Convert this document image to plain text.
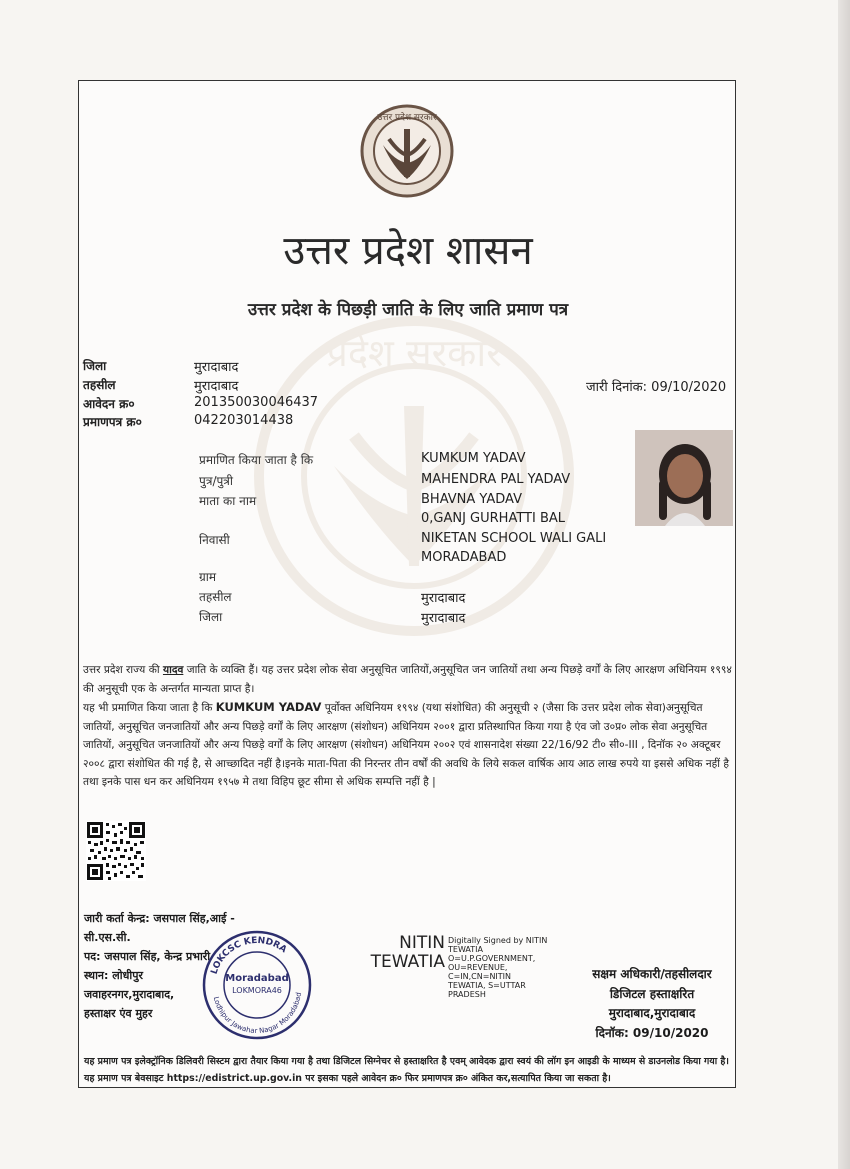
प्रदेश सरकार
उत्तर प्रदेश सरकार
उत्तर प्रदेश शासन
उत्तर प्रदेश के पिछड़ी जाति के लिए जाति प्रमाण पत्र
जिला	मुरादाबाद
तहसील	मुरादाबाद
आवेदन क्र०	201350030046437
प्रमाणपत्र क्र०	042203014438
जारी दिनांक: 09/10/2020
प्रमाणित किया जाता है कि	KUMKUM YADAV
पुत्र/पुत्री	MAHENDRA PAL YADAV
माता का नाम	BHAVNA YADAV
0,GANJ GURHATTI BAL
निवासी	NIKETAN SCHOOL WALI GALI
MORADABAD
ग्राम
तहसील	मुरादाबाद
जिला	मुरादाबाद
उत्तर प्रदेश राज्य की यादव जाति के व्यक्ति हैं। यह उत्तर प्रदेश लोक सेवा अनुसूचित जातियों,अनुसूचित जन जातियों तथा अन्य पिछड़े वर्गों के लिए आरक्षण अधिनियम १९९४ की अनुसूची एक के अन्तर्गत मान्यता प्राप्त है।
यह भी प्रमाणित किया जाता है कि KUMKUM YADAV पूर्वोक्त अधिनियम १९९४ (यथा संशोधित) की अनुसूची २ (जैसा कि उत्तर प्रदेश लोक सेवा)अनुसूचित जातियों, अनुसूचित जनजातियों और अन्य पिछड़े वर्गों के लिए आरक्षण (संशोधन) अधिनियम २००१ द्वारा प्रतिस्थापित किया गया है एंव जो उ०प्र० लोक सेवा अनुसूचित जातियों, अनुसूचित जनजातियों और अन्य पिछड़े वर्गों के लिए आरक्षण (संशोधन) अधिनियम २००२ एवं शासनादेश संख्या 22/16/92 टी० सी०-III , दिनॉक २० अक्टूबर २००८ द्वारा संशोधित की गई है, से आच्छादित नहीं है।इनके माता-पिता की निरन्तर तीन वर्षों की अवधि के लिये सकल वार्षिक आय आठ लाख रुपये या इससे अधिक नहीं है तथा इनके पास धन कर अधिनियम १९५७ मे तथा विहिप छूट सीमा से अधिक सम्पत्ति नहीं है |
जारी कर्ता केन्द्र: जसपाल सिंह,आई -
सी.एस.सी.
पद: जसपाल सिंह, केन्द्र प्रभारी
स्थान: लोधीपुर
जवाहरनगर,मुरादाबाद,
हस्ताक्षर एंव मुहर
LOKCSC KENDRA
Lodhipur Jawahar Nagar Moradabad
Moradabad
LOKMORA46
NITIN
TEWATIA
Digitally Signed by NITIN
TEWATIA
O=U.P.GOVERNMENT,
OU=REVENUE,
C=IN,CN=NITIN
TEWATIA, S=UTTAR
PRADESH
सक्षम अधिकारी/तहसीलदार
डिजिटल हस्ताक्षरित
मुरादाबाद,मुरादाबाद
दिनॉक: 09/10/2020
यह प्रमाण पत्र इलेक्ट्रॉनिक डिलिवरी सिस्टम द्वारा तैयार किया गया है तथा डिजिटल सिग्नेचर से हस्ताक्षरित है एवम् आवेदक द्वारा स्वयं की लॉग इन आइडी के माध्यम से डाउनलोड किया गया है। यह प्रमाण पत्र बेवसाइट https://edistrict.up.gov.in पर इसका पहले आवेदन क्र० फिर प्रमाणपत्र क्र० अंकित कर,सत्यापित किया जा सकता है।
